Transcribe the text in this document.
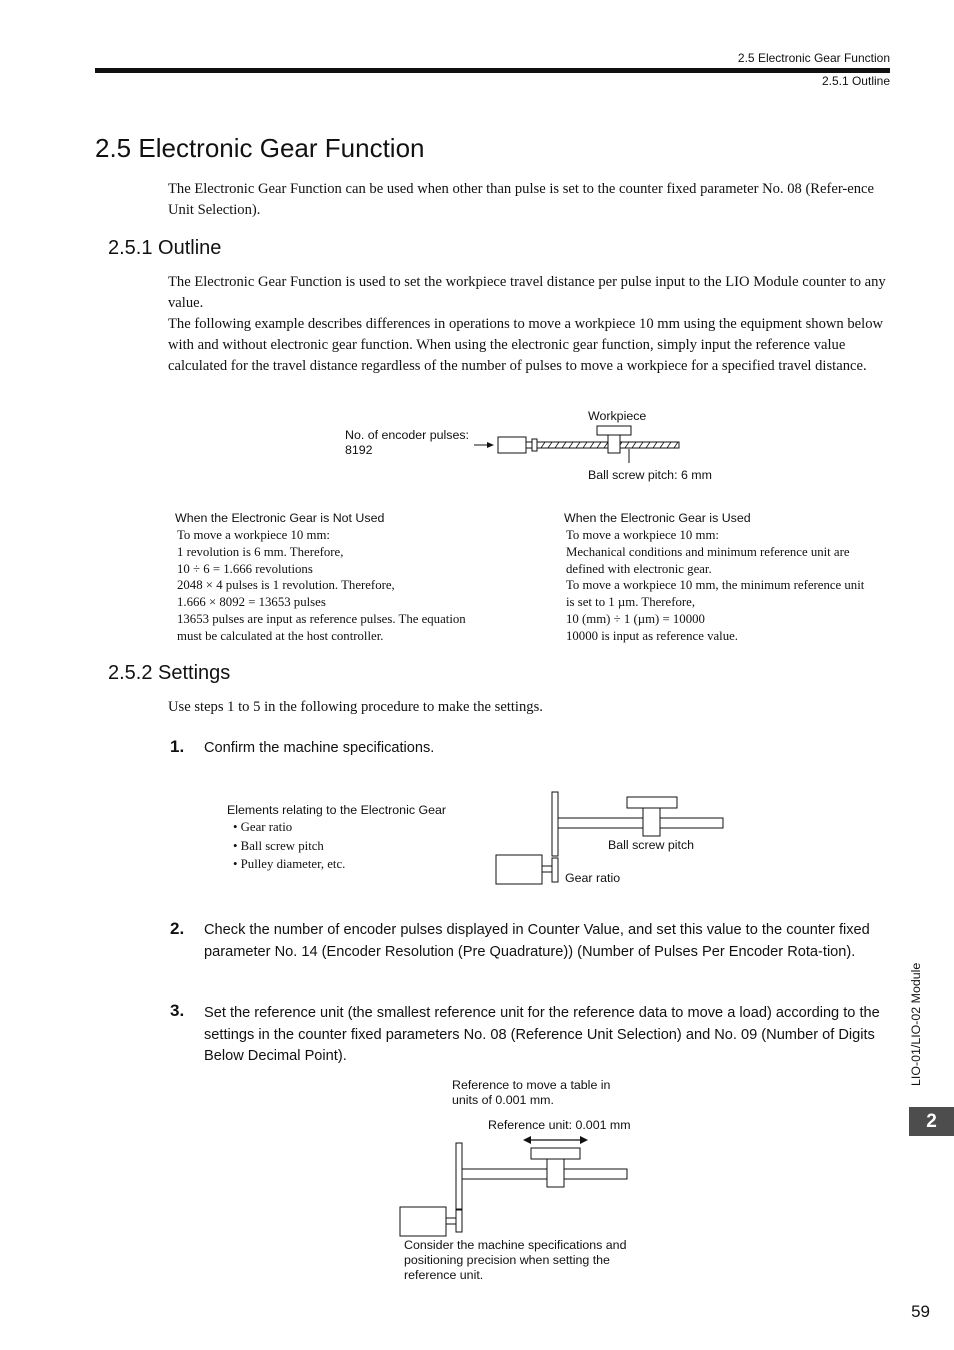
2.5 Electronic Gear Function
2.5.1 Outline
2.5 Electronic Gear Function
The Electronic Gear Function can be used when other than pulse is set to the counter fixed parameter No. 08 (Refer-ence Unit Selection).
2.5.1 Outline
The Electronic Gear Function is used to set the workpiece travel distance per pulse input to the LIO Module counter to any value.
The following example describes differences in operations to move a workpiece 10 mm using the equipment shown below with and without electronic gear function. When using the electronic gear function, simply input the reference value calculated for the travel distance regardless of the number of pulses to move a workpiece for a specified travel distance.
Workpiece
No. of encoder pulses:
8192
Ball screw pitch: 6 mm
When the Electronic Gear is Not Used
To move a workpiece 10 mm:
1 revolution is 6 mm. Therefore,
10 ÷ 6 = 1.666 revolutions
2048 × 4 pulses is 1 revolution. Therefore,
1.666 × 8092 = 13653 pulses
13653 pulses are input as reference pulses. The equation
must be calculated at the host controller.
When the Electronic Gear is Used
To move a workpiece 10 mm:
Mechanical conditions and minimum reference unit are
defined with electronic gear.
To move a workpiece 10 mm, the minimum reference unit
is set to 1 µm. Therefore,
10 (mm) ÷ 1 (µm) = 10000
10000 is input as reference value.
2.5.2 Settings
Use steps 1 to 5 in the following procedure to make the settings.
1. Confirm the machine specifications.
Elements relating to the Electronic Gear
• Gear ratio
• Ball screw pitch
• Pulley diameter, etc.
Ball screw pitch
Gear ratio
2. Check the number of encoder pulses displayed in Counter Value, and set this value to the counter fixed parameter No. 14 (Encoder Resolution (Pre Quadrature)) (Number of Pulses Per Encoder Rota-tion).
3. Set the reference unit (the smallest reference unit for the reference data to move a load) according to the settings in the counter fixed parameters No. 08 (Reference Unit Selection) and No. 09 (Number of Digits Below Decimal Point).
Reference to move a table in
units of 0.001 mm.
Reference unit: 0.001 mm
Consider the machine specifications and
positioning precision when setting the
reference unit.
LIO-01/LIO-02 Module
2
59
